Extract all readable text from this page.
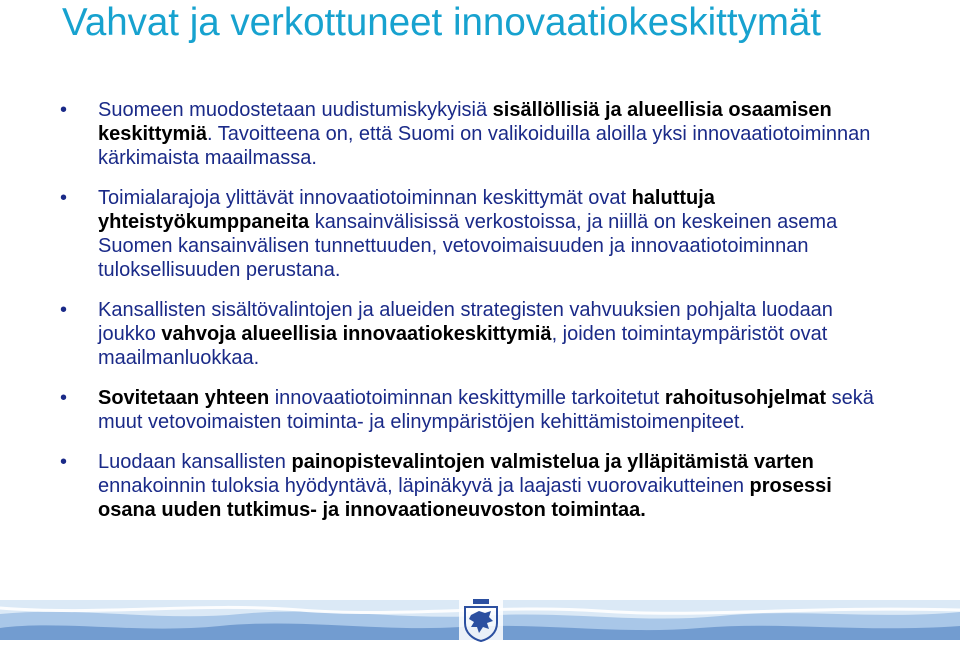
Vahvat ja verkottuneet innovaatiokeskittymät
• Suomeen muodostetaan uudistumiskykyisiä sisällöllisiä ja alueellisia osaamisen keskittymiä. Tavoitteena on, että Suomi on valikoiduilla aloilla yksi innovaatiotoiminnan kärkimaista maailmassa.
• Toimialarajoja ylittävät innovaatiotoiminnan keskittymät ovat haluttuja yhteistyökumppaneita kansainvälisissä verkostoissa, ja niillä on keskeinen asema Suomen kansainvälisen tunnettuuden, vetovoimaisuuden ja innovaatiotoiminnan tuloksellisuuden perustana.
• Kansallisten sisältövalintojen ja alueiden strategisten vahvuuksien pohjalta luodaan joukko vahvoja alueellisia innovaatiokeskittymiä, joiden toimintaympäristöt ovat maailmanluokkaa.
• Sovitetaan yhteen innovaatiotoiminnan keskittymille tarkoitetut rahoitusohjelmat sekä muut vetovoimaisten toiminta- ja elinympäristöjen kehittämistoimenpiteet.
• Luodaan kansallisten painopistevalintojen valmistelua ja ylläpitämistä varten ennakoinnin tuloksia hyödyntävä, läpinäkyvä ja laajasti vuorovaikutteinen prosessi osana uuden tutkimus- ja innovaationeuvoston toimintaa.
